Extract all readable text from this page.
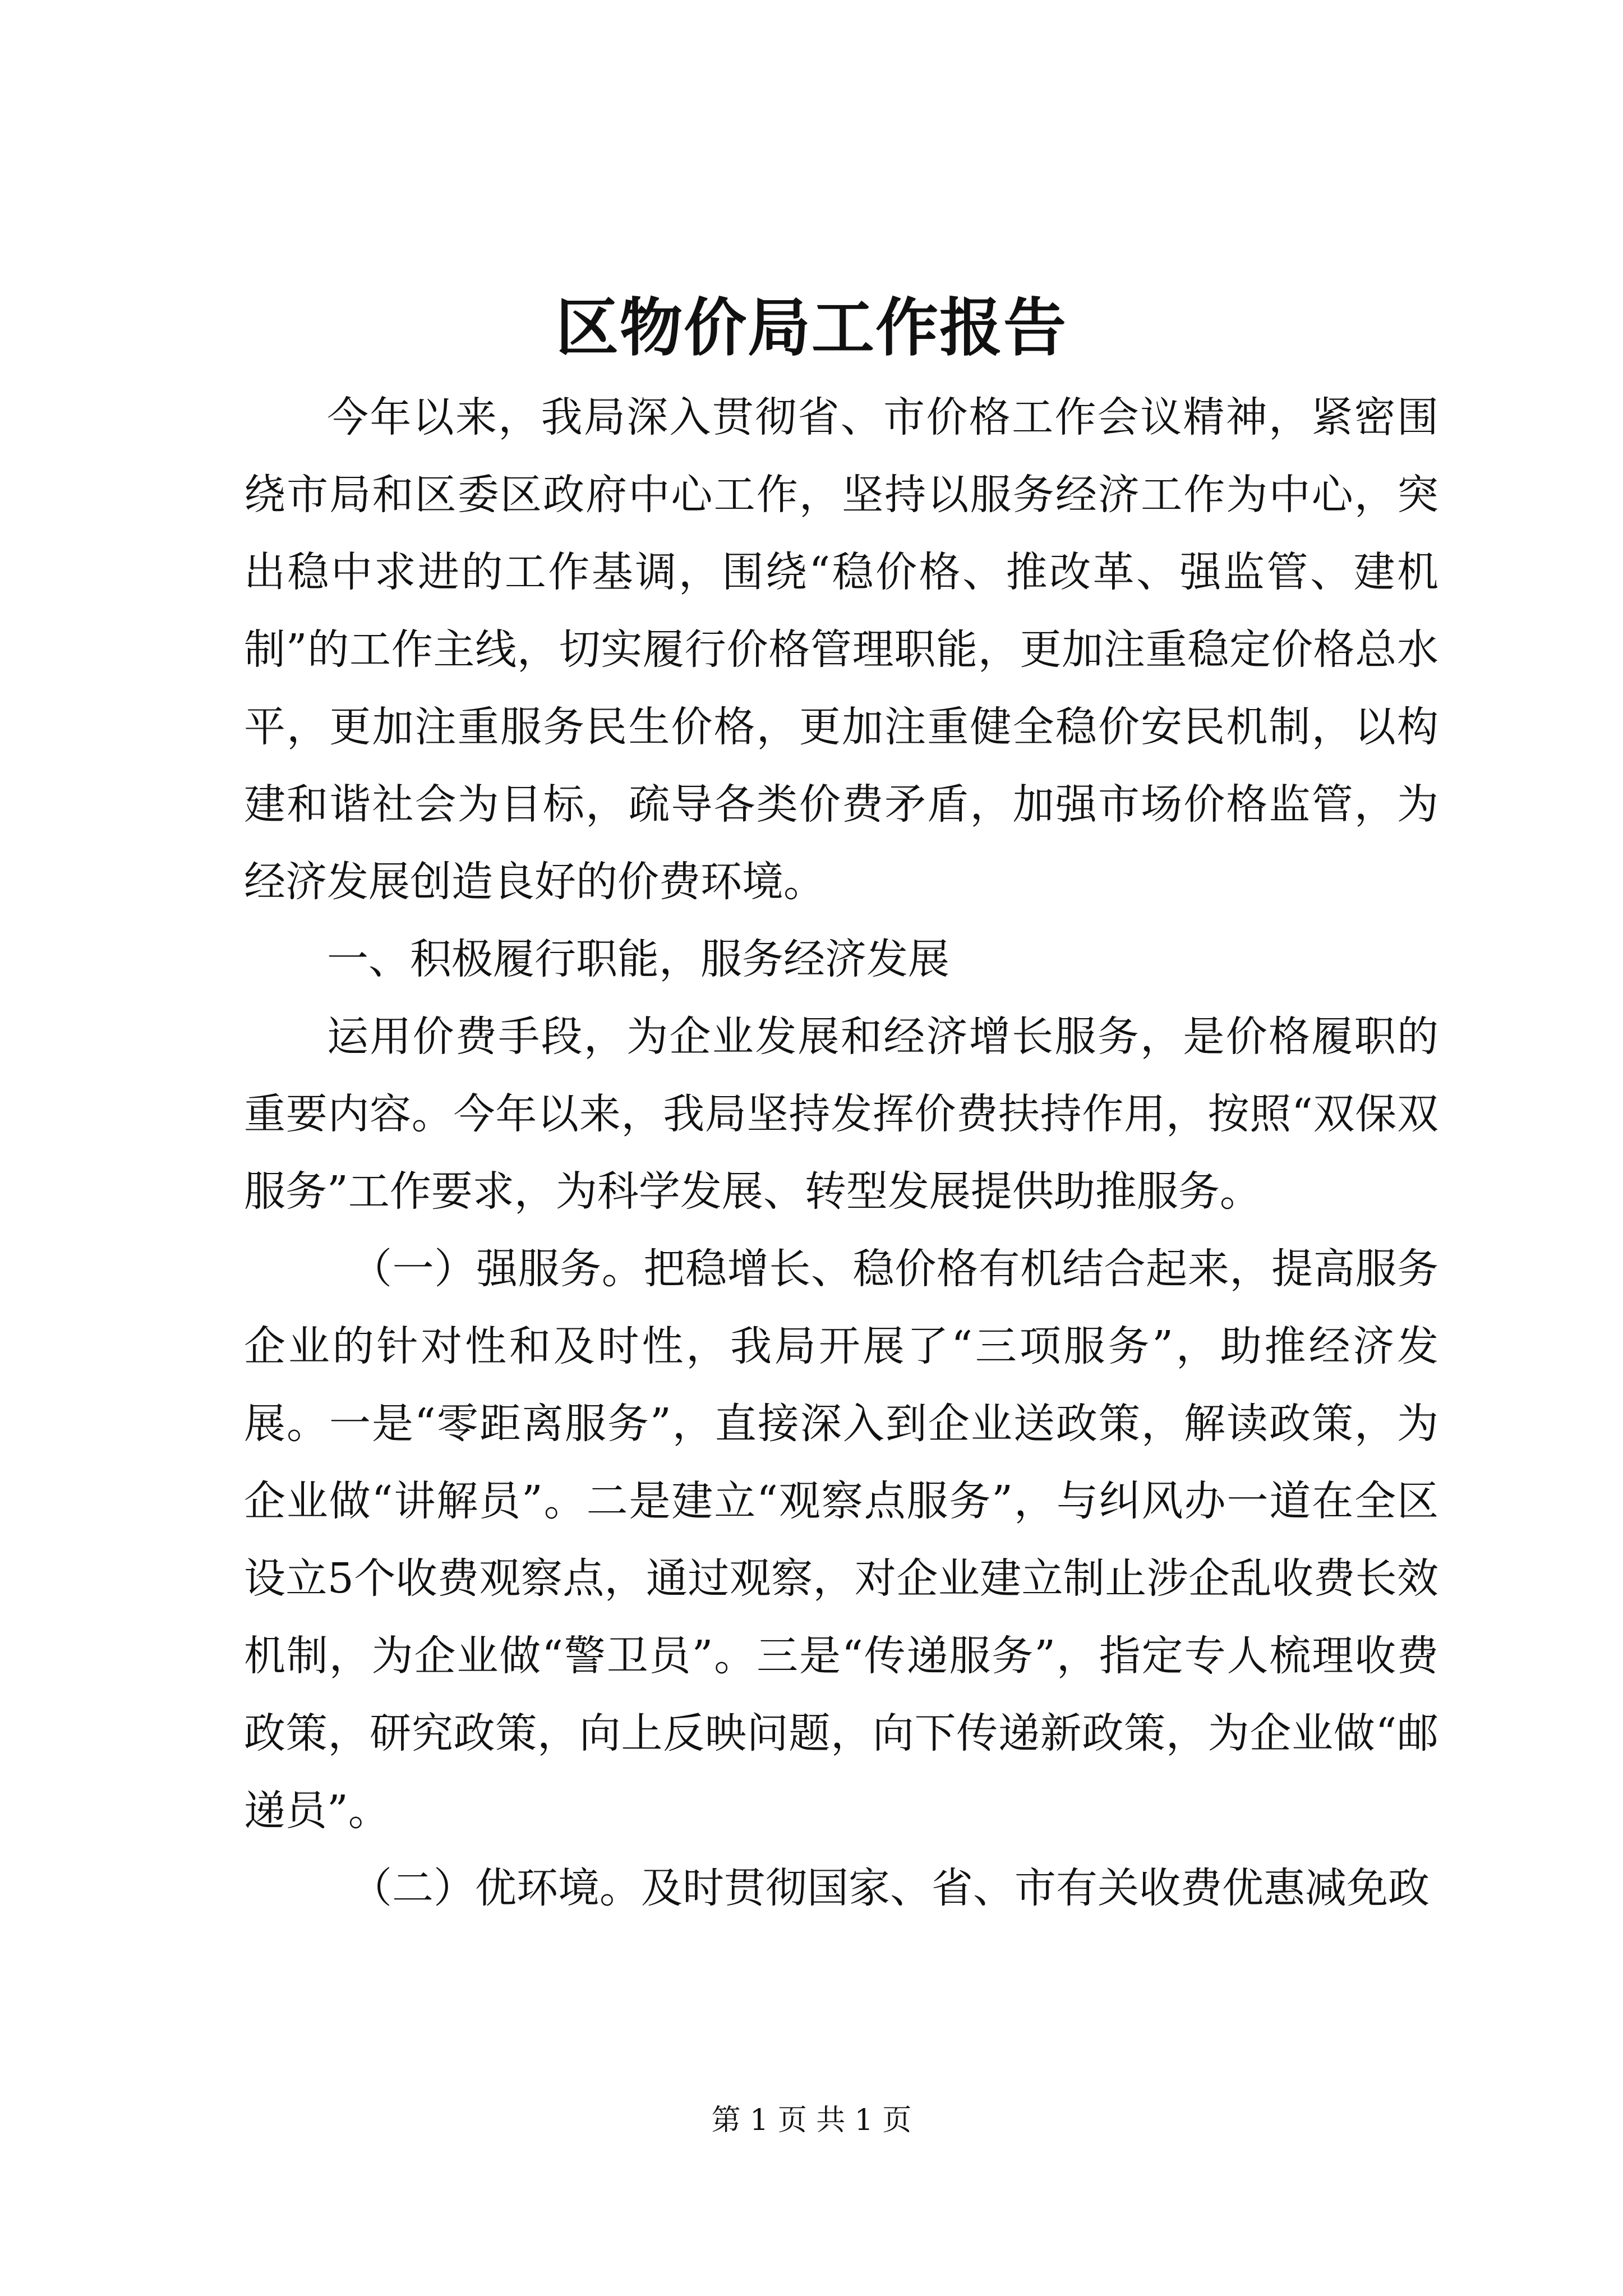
区物价局工作报告

今年以来，我局深入贯彻省、市价格工作会议精神，紧密围绕市局和区委区政府中心工作，坚持以服务经济工作为中心，突出稳中求进的工作基调，围绕“稳价格、推改革、强监管、建机制”的工作主线，切实履行价格管理职能，更加注重稳定价格总水平，更加注重服务民生价格，更加注重健全稳价安民机制，以构建和谐社会为目标，疏导各类价费矛盾，加强市场价格监管，为经济发展创造良好的价费环境。

一、积极履行职能，服务经济发展

运用价费手段，为企业发展和经济增长服务，是价格履职的重要内容。今年以来，我局坚持发挥价费扶持作用，按照“双保双服务”工作要求，为科学发展、转型发展提供助推服务。

（一）强服务。把稳增长、稳价格有机结合起来，提高服务企业的针对性和及时性，我局开展了“三项服务”，助推经济发展。一是“零距离服务”，直接深入到企业送政策，解读政策，为企业做“讲解员”。二是建立“观察点服务”，与纠风办一道在全区设立5个收费观察点，通过观察，对企业建立制止涉企乱收费长效机制，为企业做“警卫员”。三是“传递服务”，指定专人梳理收费政策，研究政策，向上反映问题，向下传递新政策，为企业做“邮递员”。

（二）优环境。及时贯彻国家、省、市有关收费优惠减免政

第 1 页 共 1 页
